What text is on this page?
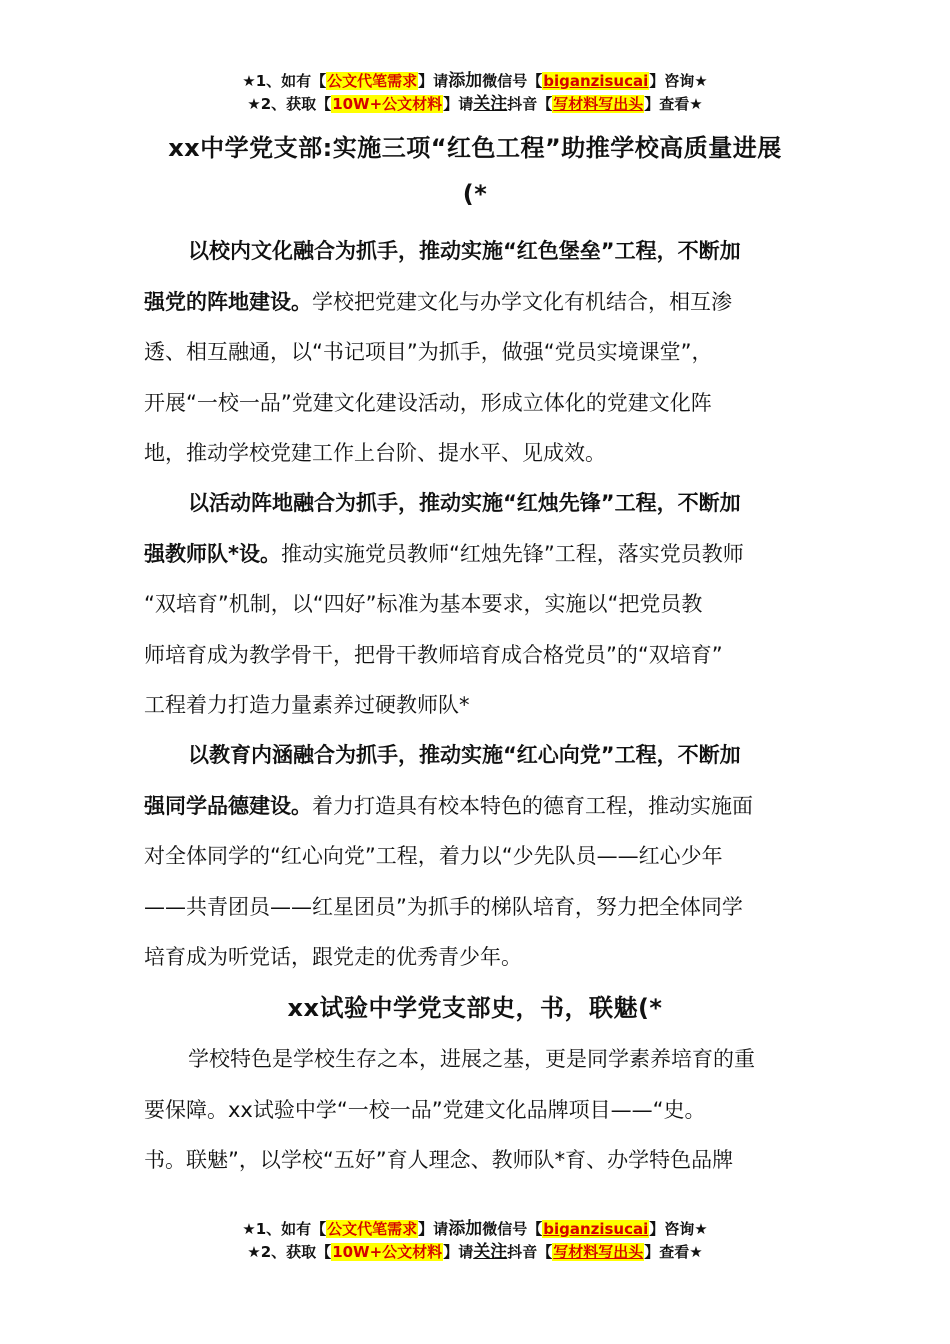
★1、如有【公文代笔需求】请添加微信号【biganzisucai】咨询★
★2、获取【10W+公文材料】请关注抖音【写材料写出头】查看★
xx中学党支部:实施三项“红色工程”助推学校高质量进展
(*
以校内文化融合为抓手，推动实施“红色堡垒”工程，不断加
强党的阵地建设。学校把党建文化与办学文化有机结合，相互渗
透、相互融通，以“书记项目”为抓手，做强“党员实境课堂”，
开展“一校一品”党建文化建设活动，形成立体化的党建文化阵
地，推动学校党建工作上台阶、提水平、见成效。
以活动阵地融合为抓手，推动实施“红烛先锋”工程，不断加
强教师队*设。推动实施党员教师“红烛先锋”工程，落实党员教师
“双培育”机制，以“四好”标准为基本要求，实施以“把党员教
师培育成为教学骨干，把骨干教师培育成合格党员”的“双培育”
工程着力打造力量素养过硬教师队*
以教育内涵融合为抓手，推动实施“红心向党”工程，不断加
强同学品德建设。着力打造具有校本特色的德育工程，推动实施面
对全体同学的“红心向党”工程，着力以“少先队员——红心少年
——共青团员——红星团员”为抓手的梯队培育，努力把全体同学
培育成为听党话，跟党走的优秀青少年。
xx试验中学党支部史，书，联魅(*
学校特色是学校生存之本，进展之基，更是同学素养培育的重
要保障。xx试验中学“一校一品”党建文化品牌项目——“史。
书。联魅”，以学校“五好”育人理念、教师队*育、办学特色品牌
★1、如有【公文代笔需求】请添加微信号【biganzisucai】咨询★
★2、获取【10W+公文材料】请关注抖音【写材料写出头】查看★
